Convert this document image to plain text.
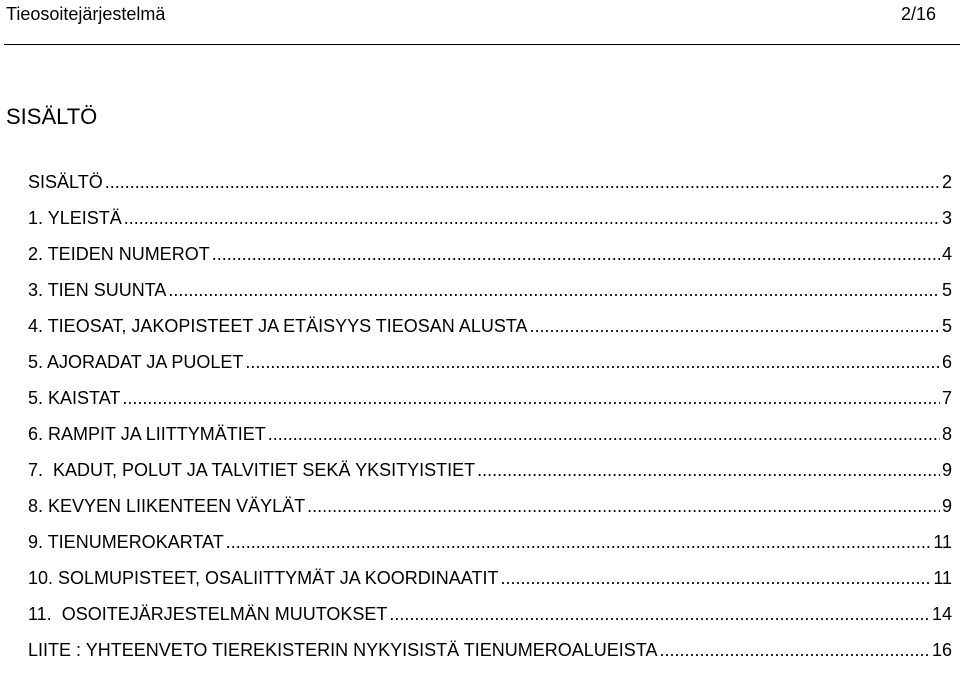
Tieosoitejärjestelmä	2/16
SISÄLTÖ
SISÄLTÖ .....	2
1. YLEISTÄ .....	3
2. TEIDEN NUMEROT .....	4
3. TIEN SUUNTA .....	5
4. TIEOSAT, JAKOPISTEET JA ETÄISYYS TIEOSAN ALUSTA .....	5
5. AJORADAT JA PUOLET .....	6
5. KAISTAT .....	7
6. RAMPIT JA LIITTYMÄTIET .....	8
7.  KADUT, POLUT JA TALVITIET SEKÄ YKSITYISTIET .....	9
8. KEVYEN LIIKENTEEN VÄYLÄT .....	9
9. TIENUMEROKARTAT .....	11
10. SOLMUPISTEET, OSALIITTYMÄT JA KOORDINAATIT .....	11
11.  OSOITEJÄRJESTELMÄN MUUTOKSET .....	14
LIITE : YHTEENVETO TIEREKISTERIN NYKYISISTÄ TIENUMEROALUEISTA .....	16
